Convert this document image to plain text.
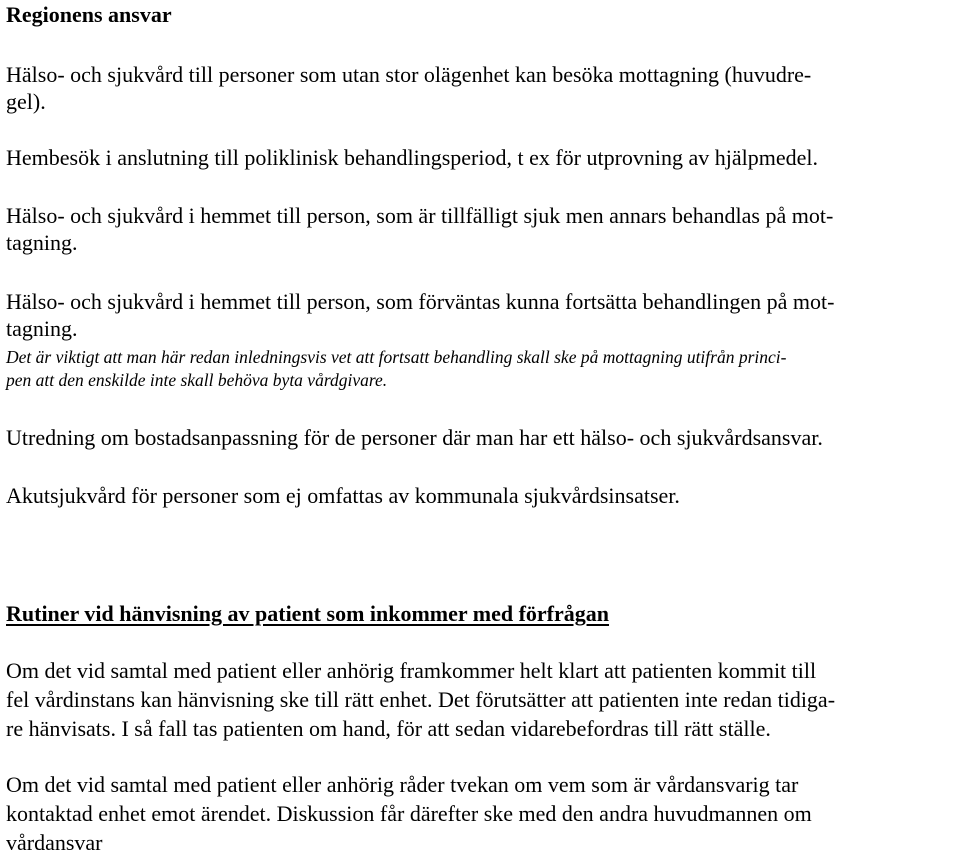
Regionens ansvar
Hälso- och sjukvård till personer som utan stor olägenhet kan besöka mottagning (huvudre-
gel).
Hembesök i anslutning till poliklinisk behandlingsperiod, t ex för utprovning av hjälpmedel.
Hälso- och sjukvård i hemmet till person, som är tillfälligt sjuk men annars behandlas på mot-
tagning.
Hälso- och sjukvård i hemmet till person, som förväntas kunna fortsätta behandlingen på mot-
tagning.
Det är viktigt att man här redan inledningsvis vet att fortsatt behandling skall ske på mottagning utifrån princi-
pen att den enskilde inte skall behöva byta vårdgivare.
Utredning om bostadsanpassning för de personer där man har ett hälso- och sjukvårdsansvar.
Akutsjukvård för personer som ej omfattas av kommunala sjukvårdsinsatser.
Rutiner vid hänvisning av patient som inkommer med förfrågan
Om det vid samtal med patient eller anhörig framkommer helt klart att patienten kommit till
fel vårdinstans kan hänvisning ske till rätt enhet. Det förutsätter att patienten inte redan tidiga-
re hänvisats. I så fall tas patienten om hand, för att sedan vidarebefordras till rätt ställe.
Om det vid samtal med patient eller anhörig råder tvekan om vem som är vårdansvarig tar
kontaktad enhet emot ärendet. Diskussion får därefter ske med den andra huvudmannen om
vårdansvar
